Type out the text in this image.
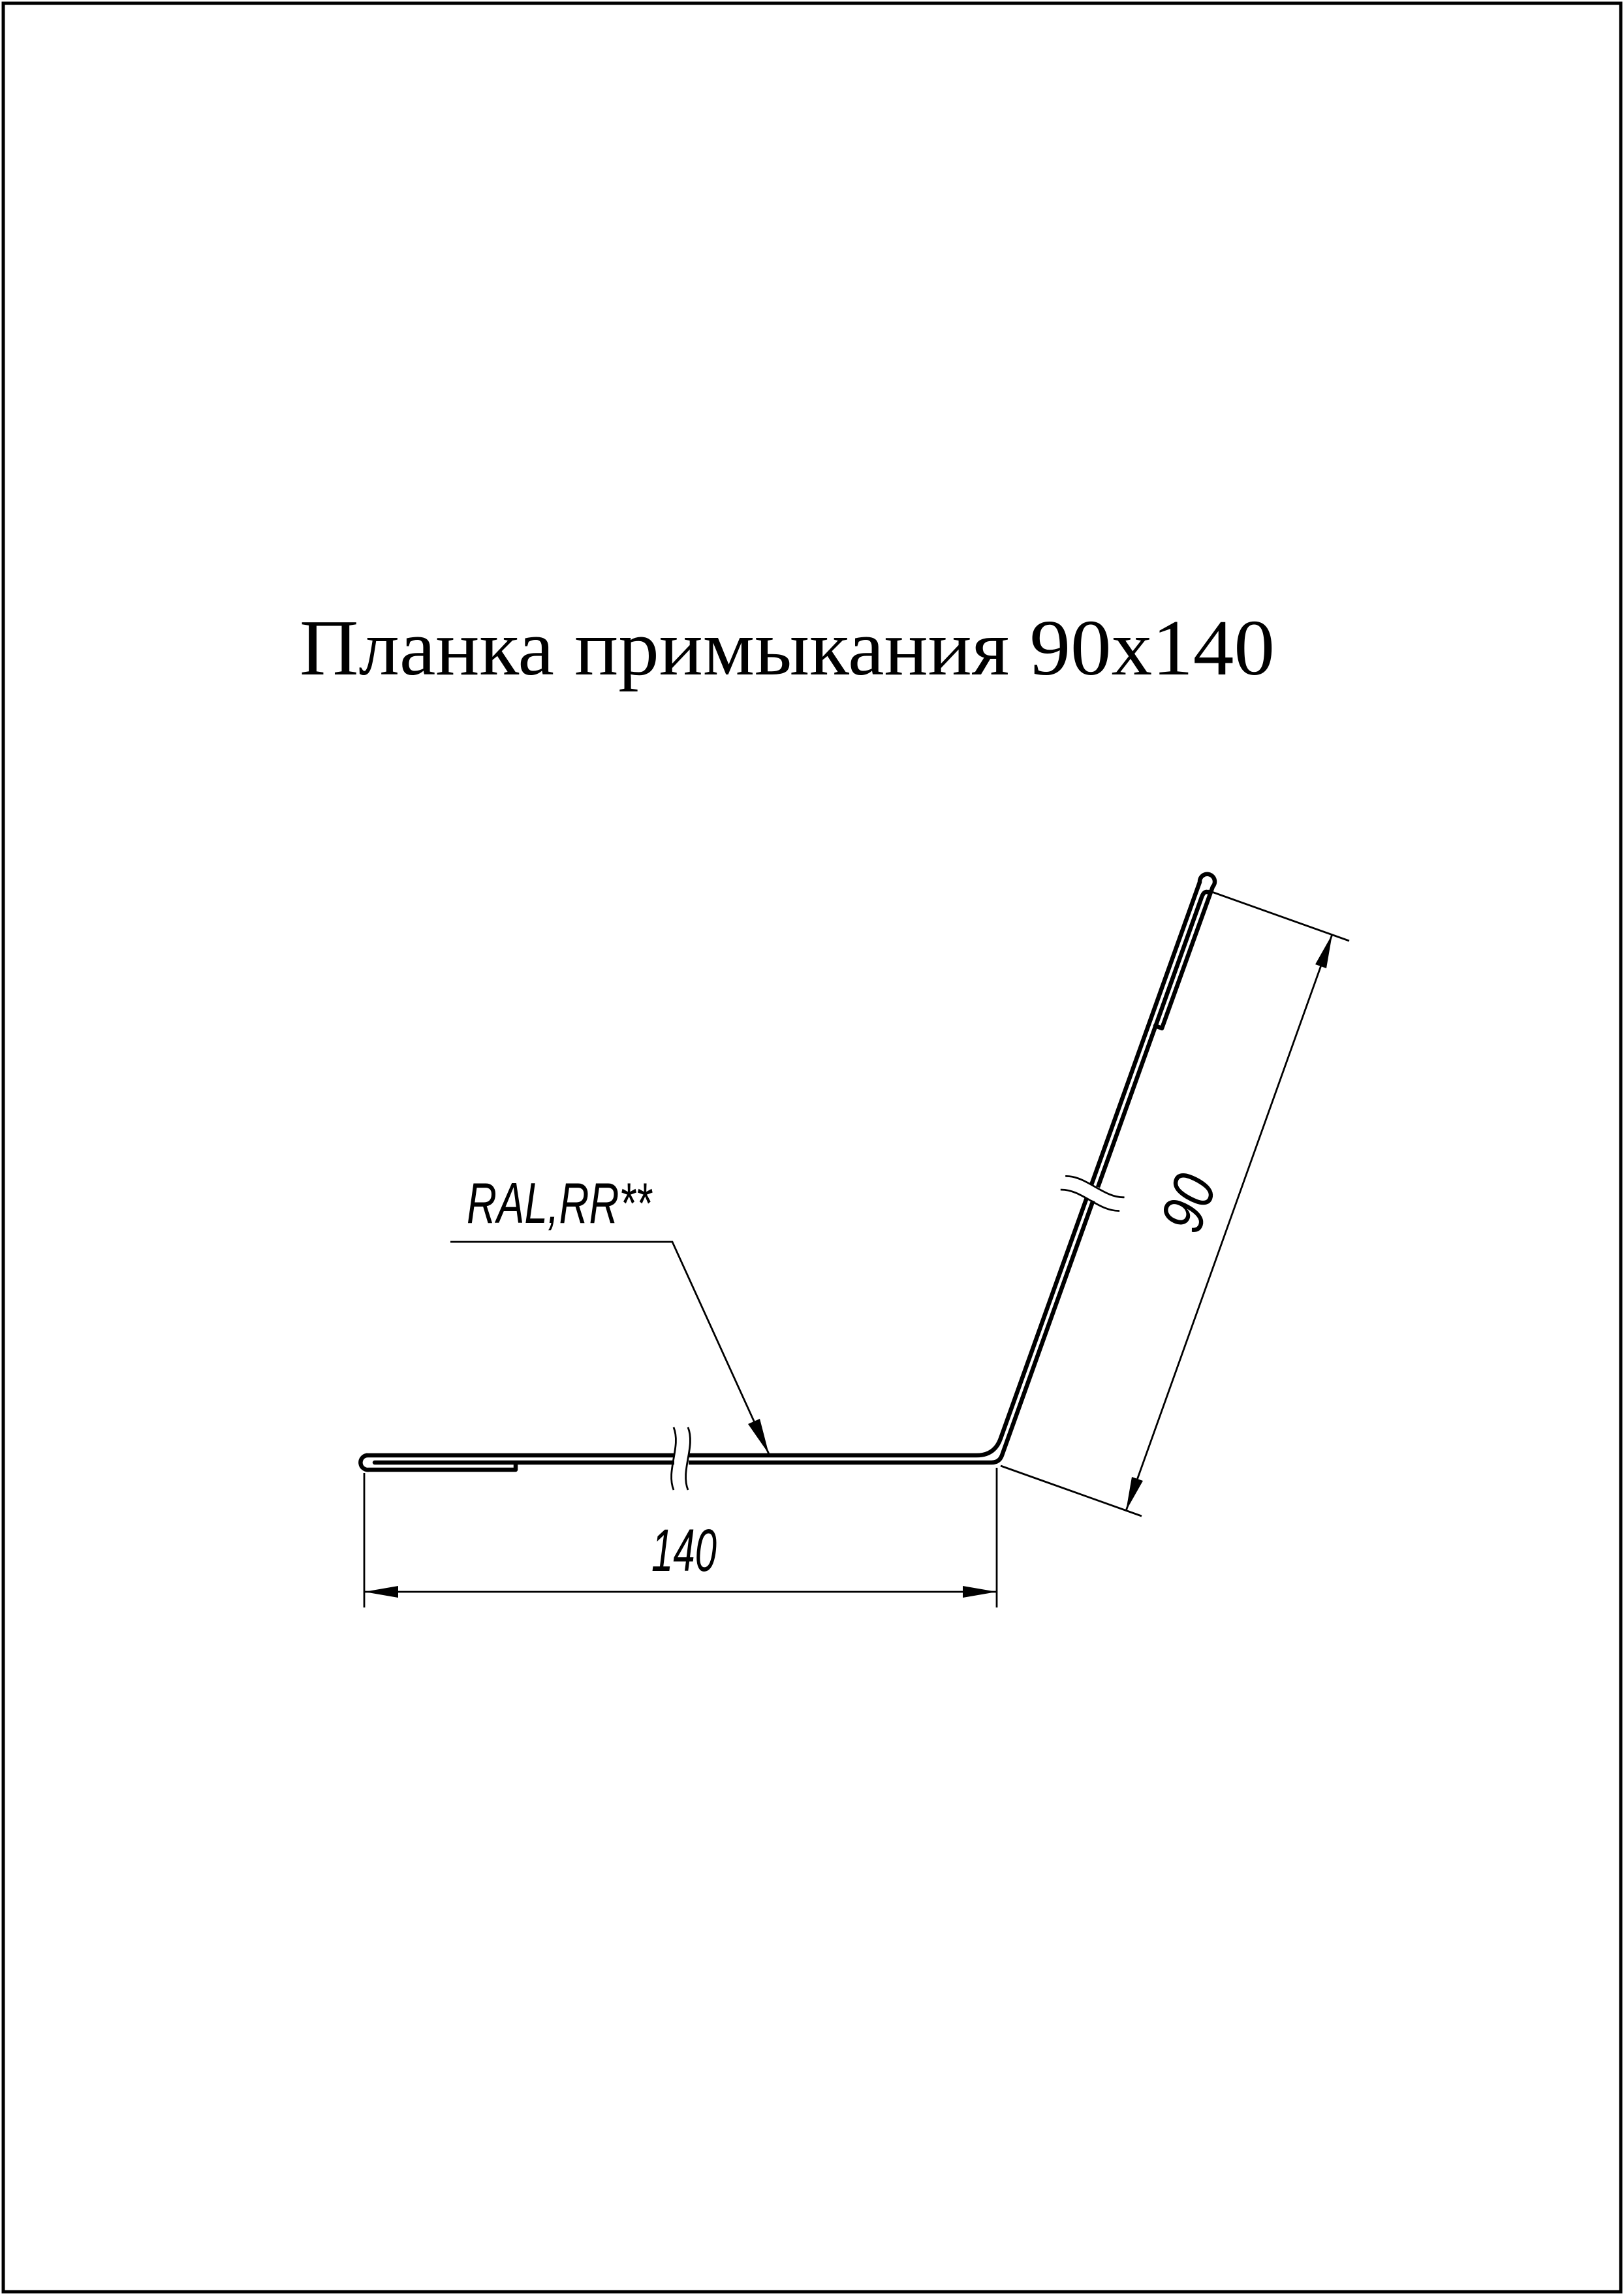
Планка примыкания 90х140
RAL,RR**
140
90
